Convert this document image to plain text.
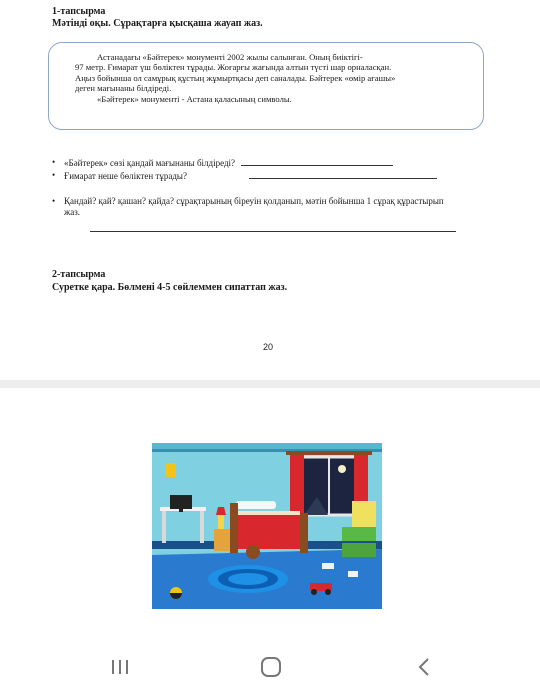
1-тапсырма
Мәтінді оқы. Сұрақтарға қысқаша жауап жаз.

Астанадағы «Бәйтерек» монументі 2002 жылы салынған. Оның биіктігі-

97 метр. Ғимарат үш бөліктен тұрады. Жоғарғы жағында алтын түсті шар орналасқан.

Аңыз бойынша ол самұрық құстың жұмыртқасы деп саналады. Бәйтерек «өмір ағашы»

деген мағынаны білдіреді.

«Бәйтерек» монументі - Астана қаласының символы.

• «Бәйтерек» сөзі қандай мағынаны білдіреді?
• Ғимарат неше бөліктен тұрады?
• Қандай? қай? қашан? қайда? сұрақтарының біреуін қолданып, мәтін бойынша 1 сұрақ құрастырып жаз.
2-тапсырма
Суретке қара. Бөлмені 4-5 сөйлеммен сипаттап жаз.
20
